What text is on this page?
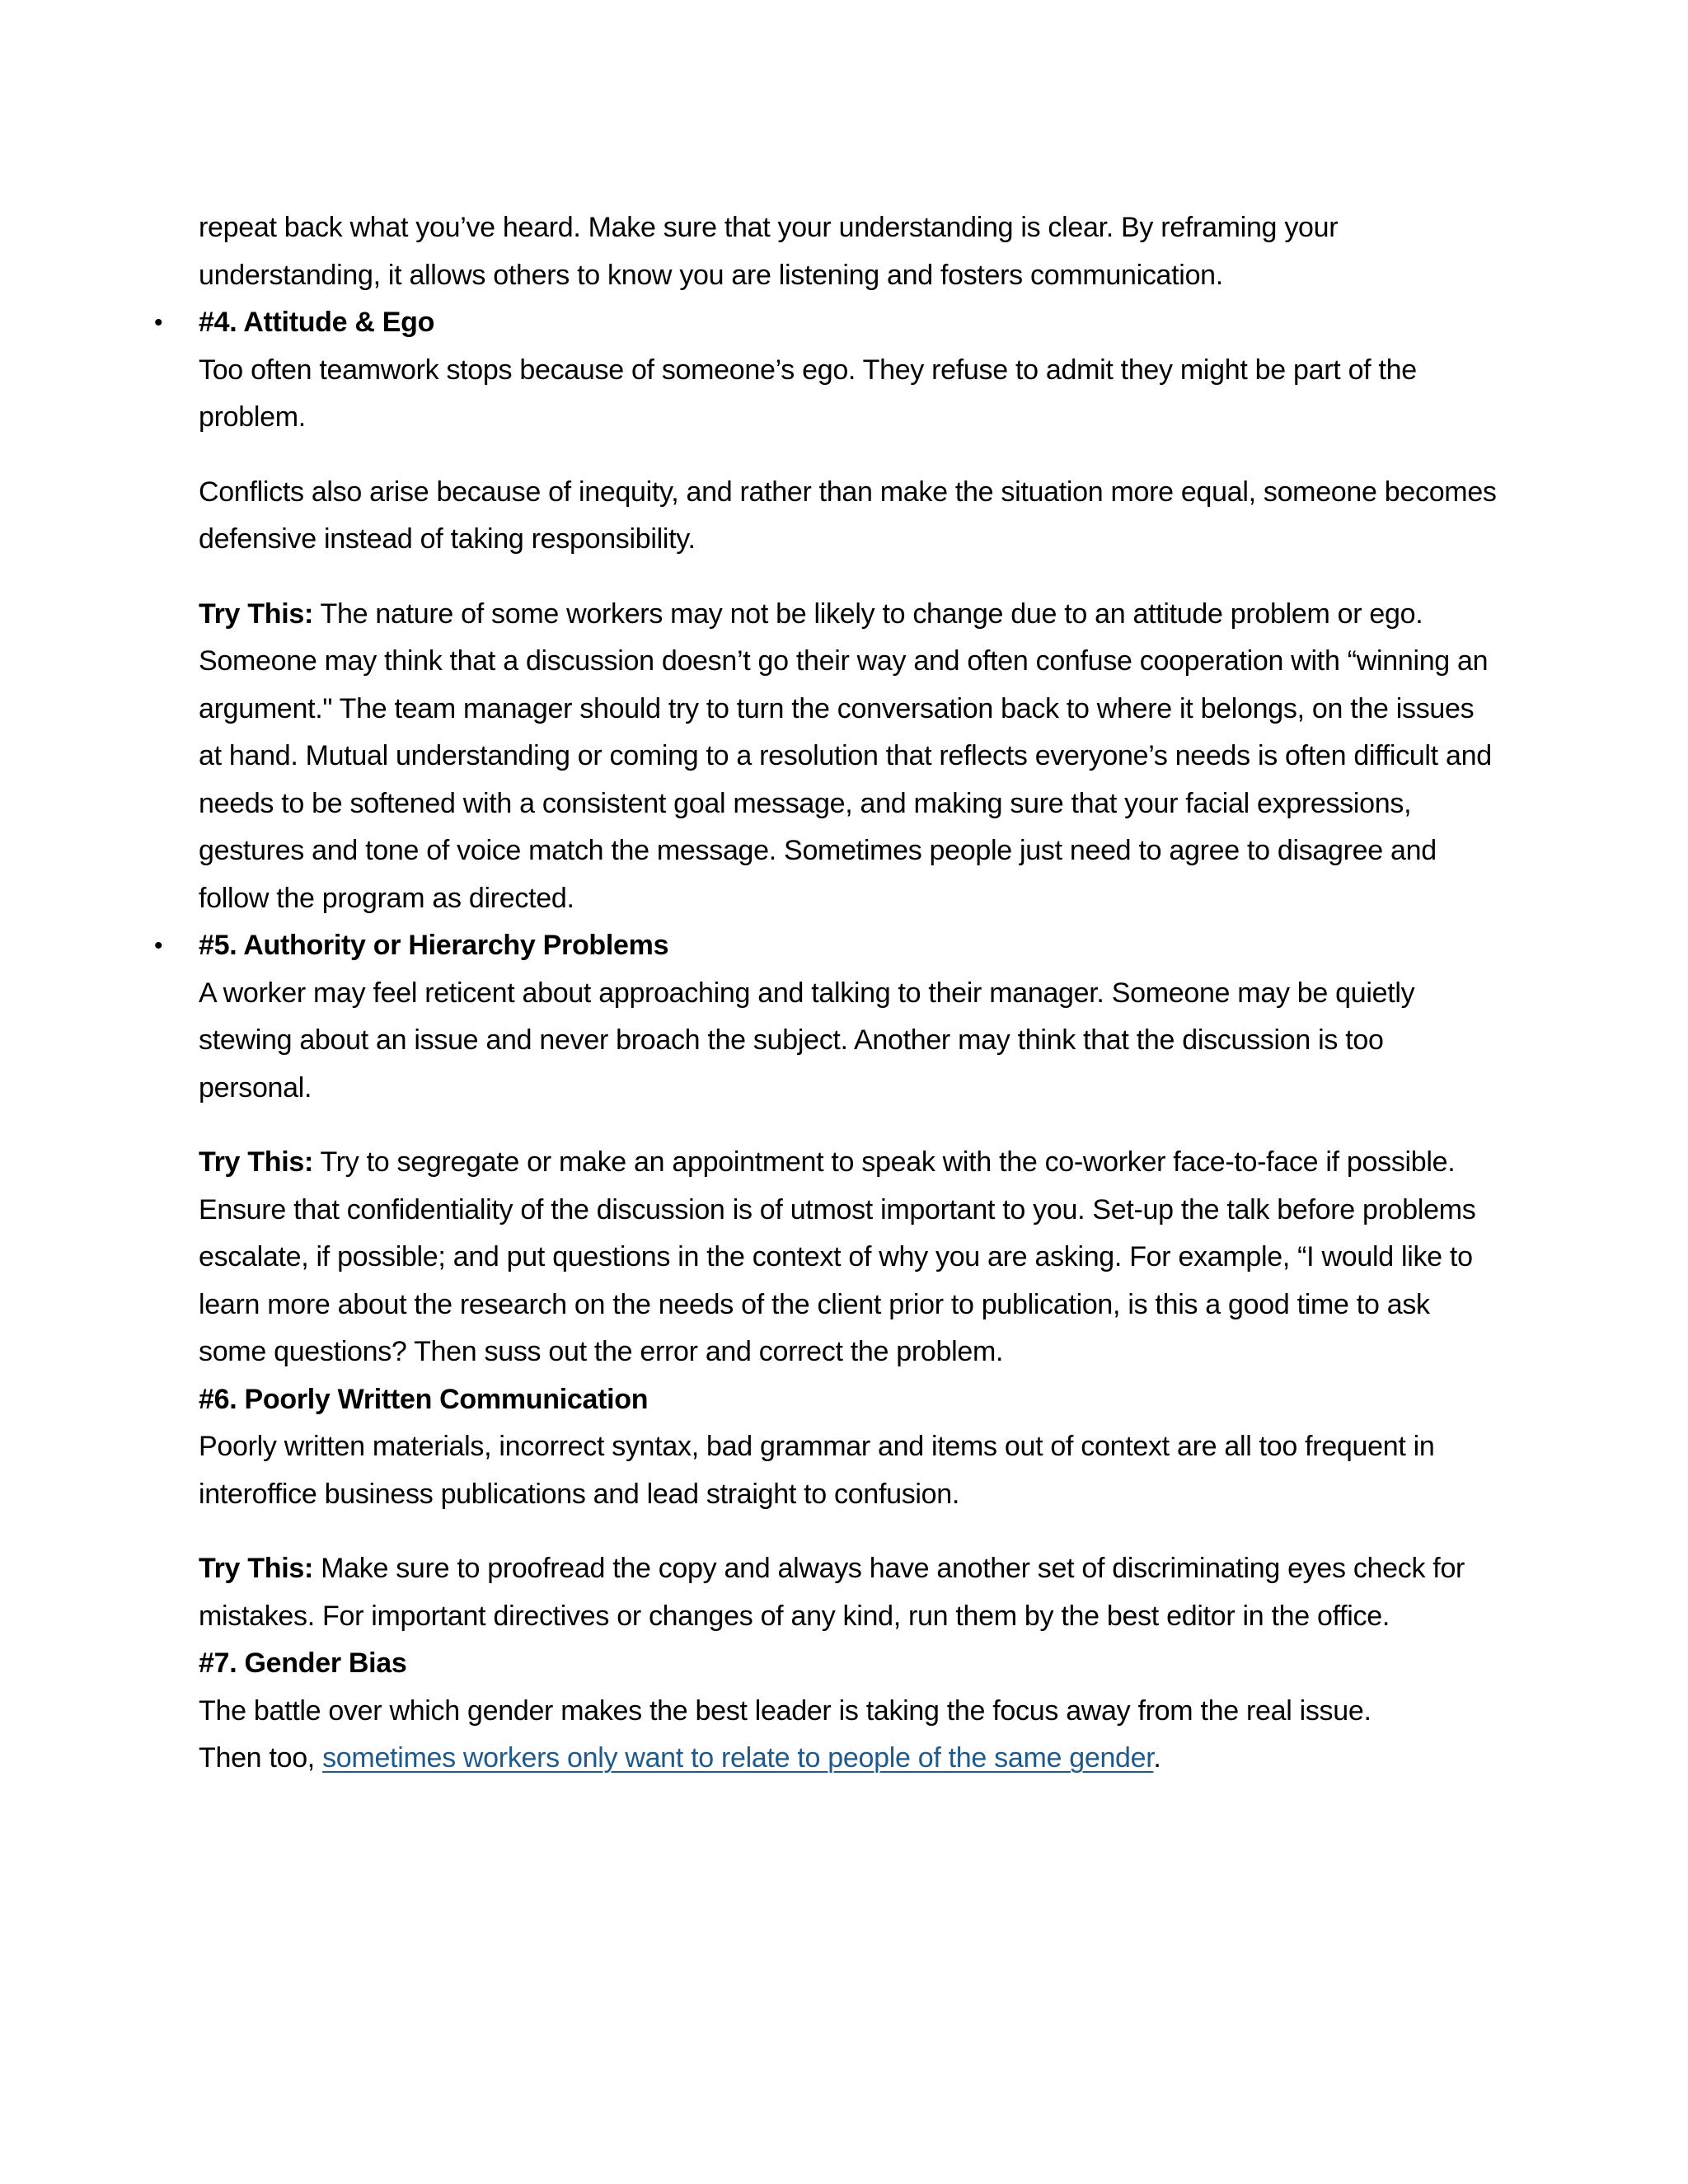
repeat back what you’ve heard. Make sure that your understanding is clear. By reframing your understanding, it allows others to know you are listening and fosters communication.

• #4. Attitude & Ego

Too often teamwork stops because of someone’s ego. They refuse to admit they might be part of the problem.

Conflicts also arise because of inequity, and rather than make the situation more equal, someone becomes defensive instead of taking responsibility.

Try This: The nature of some workers may not be likely to change due to an attitude problem or ego. Someone may think that a discussion doesn’t go their way and often confuse cooperation with “winning an argument." The team manager should try to turn the conversation back to where it belongs, on the issues at hand. Mutual understanding or coming to a resolution that reflects everyone’s needs is often difficult and needs to be softened with a consistent goal message, and making sure that your facial expressions, gestures and tone of voice match the message. Sometimes people just need to agree to disagree and follow the program as directed.

• #5. Authority or Hierarchy Problems

A worker may feel reticent about approaching and talking to their manager. Someone may be quietly stewing about an issue and never broach the subject. Another may think that the discussion is too personal.

Try This: Try to segregate or make an appointment to speak with the co-worker face-to-face if possible. Ensure that confidentiality of the discussion is of utmost important to you. Set-up the talk before problems escalate, if possible; and put questions in the context of why you are asking. For example, “I would like to learn more about the research on the needs of the client prior to publication, is this a good time to ask some questions? Then suss out the error and correct the problem.

#6. Poorly Written Communication

Poorly written materials, incorrect syntax, bad grammar and items out of context are all too frequent in interoffice business publications and lead straight to confusion.

Try This: Make sure to proofread the copy and always have another set of discriminating eyes check for mistakes. For important directives or changes of any kind, run them by the best editor in the office.

#7. Gender Bias

The battle over which gender makes the best leader is taking the focus away from the real issue.

Then too, sometimes workers only want to relate to people of the same gender.
